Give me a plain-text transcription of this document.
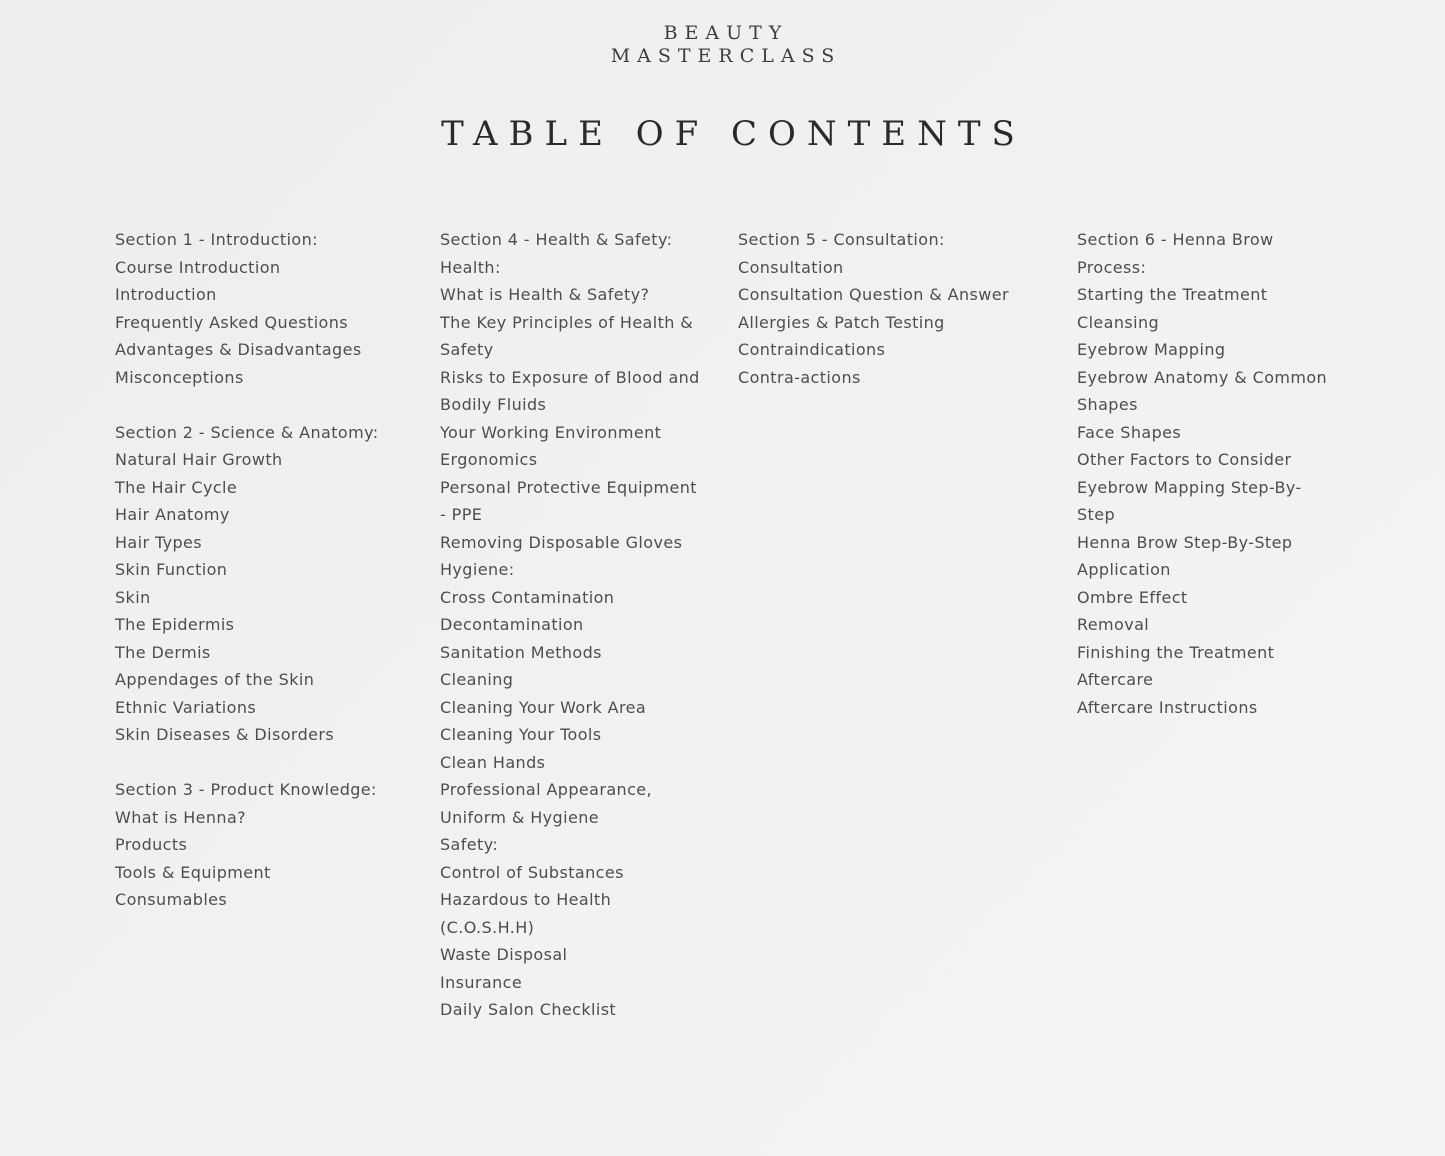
BEAUTY
MASTERCLASS
TABLE OF CONTENTS
Section 1 - Introduction:
Course Introduction
Introduction
Frequently Asked Questions
Advantages & Disadvantages
Misconceptions
Section 2 - Science & Anatomy:
Natural Hair Growth
The Hair Cycle
Hair Anatomy
Hair Types
Skin Function
Skin
The Epidermis
The Dermis
Appendages of the Skin
Ethnic Variations
Skin Diseases & Disorders
Section 3 - Product Knowledge:
What is Henna?
Products
Tools & Equipment
Consumables
Section 4 - Health & Safety:
Health:
What is Health & Safety?
The Key Principles of Health &
Safety
Risks to Exposure of Blood and
Bodily Fluids
Your Working Environment
Ergonomics
Personal Protective Equipment
- PPE
Removing Disposable Gloves
Hygiene:
Cross Contamination
Decontamination
Sanitation Methods
Cleaning
Cleaning Your Work Area
Cleaning Your Tools
Clean Hands
Professional Appearance,
Uniform & Hygiene
Safety:
Control of Substances
Hazardous to Health
(C.O.S.H.H)
Waste Disposal
Insurance
Daily Salon Checklist
Section 5 - Consultation:
Consultation
Consultation Question & Answer
Allergies & Patch Testing
Contraindications
Contra-actions
Section 6 - Henna Brow
Process:
Starting the Treatment
Cleansing
Eyebrow Mapping
Eyebrow Anatomy & Common
Shapes
Face Shapes
Other Factors to Consider
Eyebrow Mapping Step-By-
Step
Henna Brow Step-By-Step
Application
Ombre Effect
Removal
Finishing the Treatment
Aftercare
Aftercare Instructions
